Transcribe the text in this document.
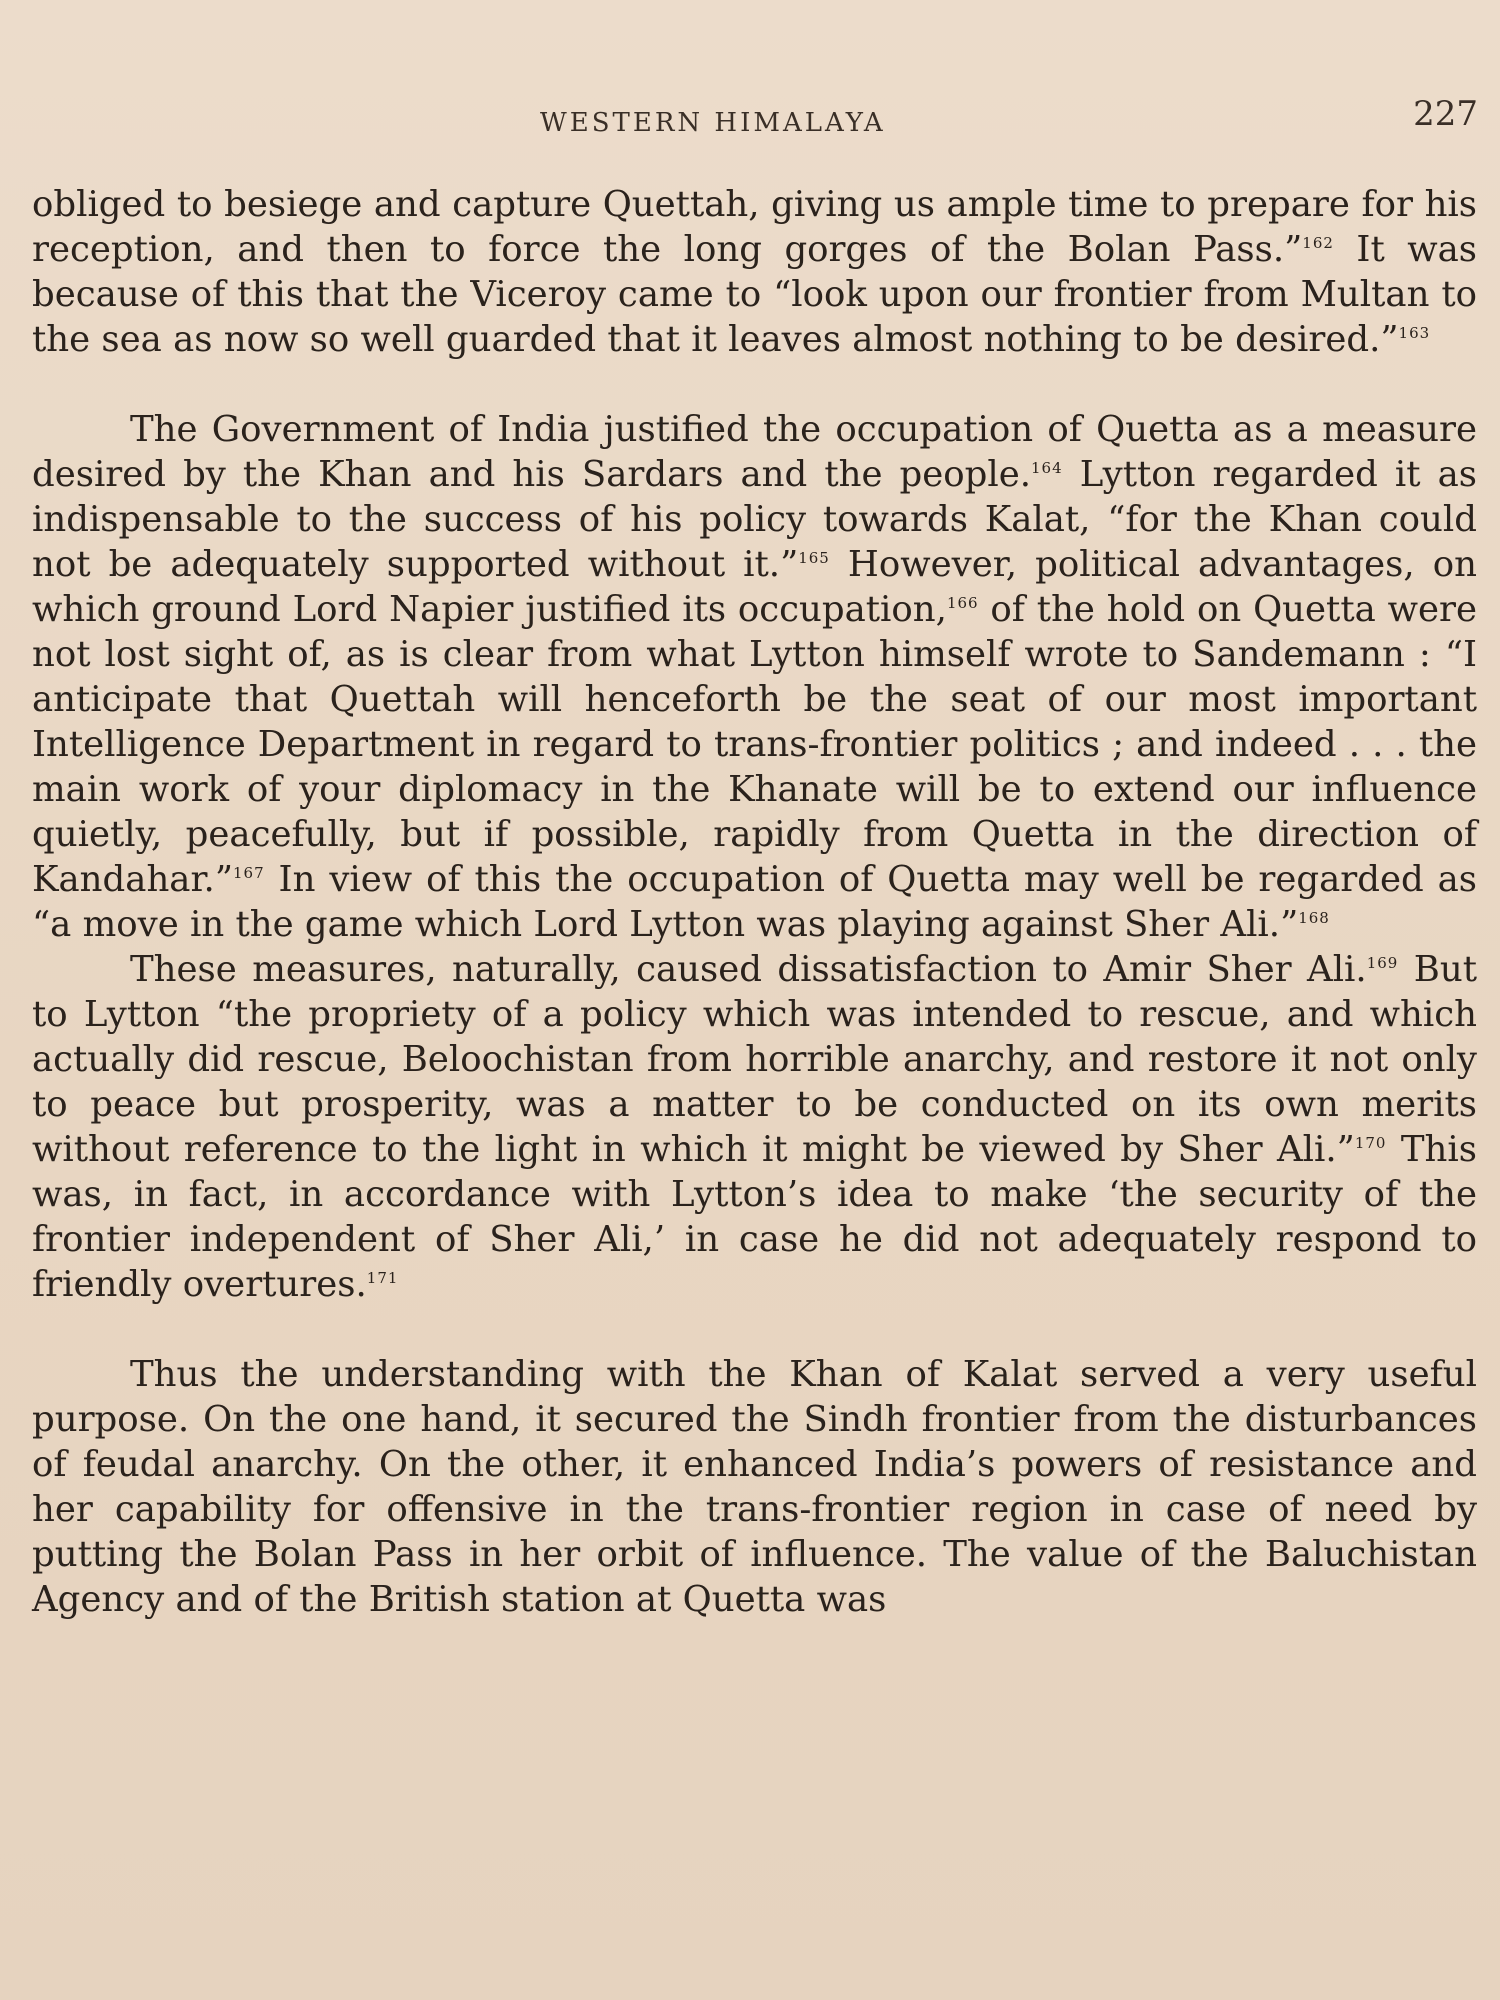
WESTERN HIMALAYA	227

obliged to besiege and capture Quettah, giving us ample time to prepare for his reception, and then to force the long gorges of the Bolan Pass.”$^{162}$ It was because of this that the Viceroy came to “look upon our frontier from Multan to the sea as now so well guarded that it leaves almost nothing to be desired.”$^{163}$

The Government of India justified the occupation of Quetta as a measure desired by the Khan and his Sardars and the people.$^{164}$ Lytton regarded it as indispensable to the success of his policy towards Kalat, “for the Khan could not be adequately supported without it.”$^{165}$ However, political advantages, on which ground Lord Napier justified its occupation,$^{166}$ of the hold on Quetta were not lost sight of, as is clear from what Lytton himself wrote to Sandemann : “I anticipate that Quettah will henceforth be the seat of our most important Intelligence Department in regard to trans-frontier politics ; and indeed . . . the main work of your diplomacy in the Khanate will be to extend our influence quietly, peacefully, but if possible, rapidly from Quetta in the direction of Kandahar.”$^{167}$ In view of this the occupation of Quetta may well be regarded as “a move in the game which Lord Lytton was playing against Sher Ali.”$^{168}$

These measures, naturally, caused dissatisfaction to Amir Sher Ali.$^{169}$ But to Lytton “the propriety of a policy which was intended to rescue, and which actually did rescue, Beloochistan from horrible anarchy, and restore it not only to peace but prosperity, was a matter to be conducted on its own merits without reference to the light in which it might be viewed by Sher Ali.”$^{170}$ This was, in fact, in accordance with Lytton’s idea to make ‘the security of the frontier independent of Sher Ali,’ in case he did not adequately respond to friendly overtures.$^{171}$

Thus the understanding with the Khan of Kalat served a very useful purpose. On the one hand, it secured the Sindh frontier from the disturbances of feudal anarchy. On the other, it enhanced India’s powers of resistance and her capability for offensive in the trans-frontier region in case of need by putting the Bolan Pass in her orbit of influence. The value of the Baluchistan Agency and of the British station at Quetta was
